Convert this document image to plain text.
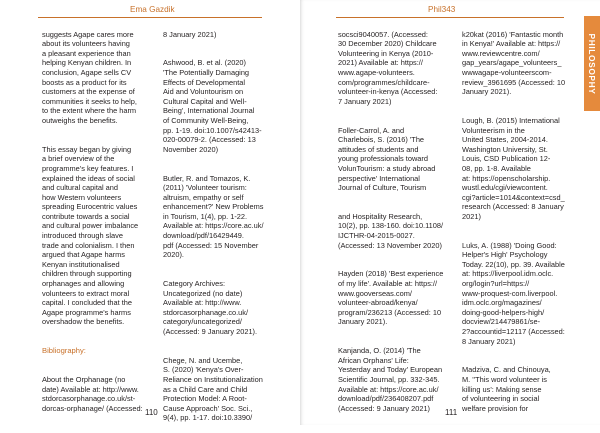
Ema Gazdik

suggests Agape cares more
about its volunteers having
a pleasant experience than
helping Kenyan children. In
conclusion, Agape sells CV
boosts as a product for its
customers at the expense of
communities it seeks to help,
to the extent where the harm
outweighs the benefits.

This essay began by giving
a brief overview of the
programme's key features. I
explained the ideas of social
and cultural capital and
how Western volunteers
spreading Eurocentric values
contribute towards a social
and cultural power imbalance
introduced through slave
trade and colonialism. I then
argued that Agape harms
Kenyan institutionalised
children through supporting
orphanages and allowing
volunteers to extract moral
capital. I concluded that the
Agape programme's harms
overshadow the benefits.

Bibliography:

About the Orphanage (no
date) Available at: http://www.
stdorcasorphanage.co.uk/st-
dorcas-orphanage/ (Accessed:

8 January 2021)

Ashwood, B. et al. (2020)
'The Potentially Damaging
Effects of Developmental
Aid and Voluntourism on
Cultural Capital and Well-
Being', International Journal
of Community Well-Being,
pp. 1-19. doi:10.1007/s42413-
020-00079-2. (Accessed: 13
November 2020)

Butler, R. and Tomazos, K.
(2011) 'Volunteer tourism:
altruism, empathy or self
enhancement?' New Problems
in Tourism, 1(4), pp. 1-22.
Available at: https://core.ac.uk/
download/pdf/16429449.
pdf (Accessed: 15 November
2020).

Category Archives:
Uncategorized (no date)
Available at: http://www.
stdorcasorphanage.co.uk/
category/uncategorized/
(Accessed: 9 January 2021).

Chege, N. and Ucembe,
S. (2020) 'Kenya's Over-
Reliance on Institutionalization
as a Child Care and Child
Protection Model: A Root-
Cause Approach' Soc. Sci.,
9(4), pp. 1-17. doi:10.3390/

110
Phil343
PHILOSOPHY

socsci9040057. (Accessed:
30 December 2020) Childcare
Volunteering in Kenya (2010-
2021) Available at: https://
www.agape-volunteers.
com/programmes/childcare-
volunteer-in-kenya (Accessed:
7 January 2021)

Foller-Carrol, A. and
Charlebois, S. (2016) 'The
attitudes of students and
young professionals toward
VolunTourism: a study abroad
perspective' International
Journal of Culture, Tourism

and Hospitality Research,
10(2), pp. 138-160. doi:10.1108/
IJCTHR-04-2015-0027.
(Accessed: 13 November 2020)

Hayden (2018) 'Best experience
of my life'. Available at: https://
www.gooverseas.com/
volunteer-abroad/kenya/
program/236213 (Accessed: 10
January 2021).

Kanjanda, O. (2014) 'The
African Orphans' Life:
Yesterday and Today' European
Scientific Journal, pp. 332-345.
Available at: https://core.ac.uk/
download/pdf/236408207.pdf
(Accessed: 9 January 2021)

k20kat (2016) 'Fantastic month
in Kenya!' Available at: https://
www.reviewcentre.com/
gap_years/agape_volunteers_
wwwagape-volunteerscom-
review_3961695 (Accessed: 10
January 2021).

Lough, B. (2015) International
Volunteerism in the
United States, 2004-2014.
Washington University, St.
Louis, CSD Publication 12-
08, pp. 1-8. Available
at: https://openscholarship.
wustl.edu/cgi/viewcontent.
cgi?article=1014&context=csd_
research (Accessed: 8 January
2021)

Luks, A. (1988) 'Doing Good:
Helper's High' Psychology
Today. 22(10), pp. 39. Available
at: https://liverpool.idm.oclc.
org/login?url=https://
www-proquest-com.liverpool.
idm.oclc.org/magazines/
doing-good-helpers-high/
docview/214479861/se-
2?accountid=12117 (Accessed:
8 January 2021)

Madziva, C. and Chinouya,
M. ''This word volunteer is
killing us': Making sense
of volunteering in social
welfare provision for

111
